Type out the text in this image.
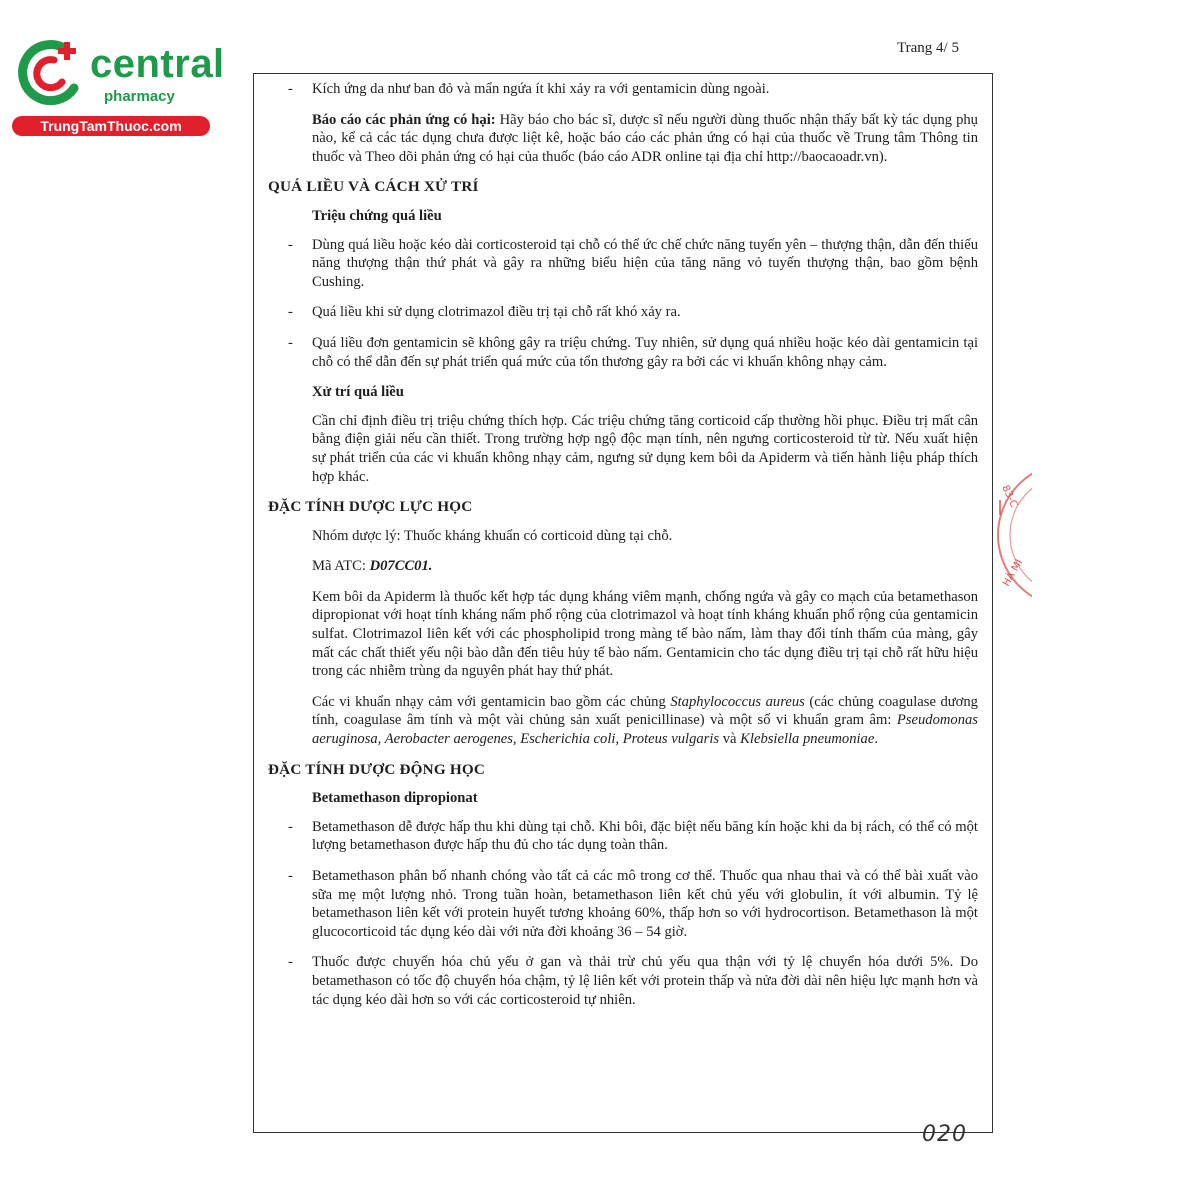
central
pharmacy
TrungTamThuoc.com
Trang 4/ 5
83-C
HÀ MI
- Kích ứng da như ban đỏ và mẩn ngứa ít khi xảy ra với gentamicin dùng ngoài.
Báo cáo các phản ứng có hại: Hãy báo cho bác sĩ, dược sĩ nếu người dùng thuốc nhận thấy bất kỳ tác dụng phụ nào, kể cả các tác dụng chưa được liệt kê, hoặc báo cáo các phản ứng có hại của thuốc về Trung tâm Thông tin thuốc và Theo dõi phản ứng có hại của thuốc (báo cáo ADR online tại địa chỉ http://baocaoadr.vn).
QUÁ LIỀU VÀ CÁCH XỬ TRÍ
Triệu chứng quá liều
- Dùng quá liều hoặc kéo dài corticosteroid tại chỗ có thể ức chế chức năng tuyến yên – thượng thận, dẫn đến thiểu năng thượng thận thứ phát và gây ra những biểu hiện của tăng năng vỏ tuyến thượng thận, bao gồm bệnh Cushing.
- Quá liều khi sử dụng clotrimazol điều trị tại chỗ rất khó xảy ra.
- Quá liều đơn gentamicin sẽ không gây ra triệu chứng. Tuy nhiên, sử dụng quá nhiều hoặc kéo dài gentamicin tại chỗ có thể dẫn đến sự phát triển quá mức của tổn thương gây ra bởi các vi khuẩn không nhạy cảm.
Xử trí quá liều
Cần chỉ định điều trị triệu chứng thích hợp. Các triệu chứng tăng corticoid cấp thường hồi phục. Điều trị mất cân bằng điện giải nếu cần thiết. Trong trường hợp ngộ độc mạn tính, nên ngưng corticosteroid từ từ. Nếu xuất hiện sự phát triển của các vi khuẩn không nhạy cảm, ngưng sử dụng kem bôi da Apiderm và tiến hành liệu pháp thích hợp khác.
ĐẶC TÍNH DƯỢC LỰC HỌC
Nhóm dược lý: Thuốc kháng khuẩn có corticoid dùng tại chỗ.
Mã ATC: D07CC01.
Kem bôi da Apiderm là thuốc kết hợp tác dụng kháng viêm mạnh, chống ngứa và gây co mạch của betamethason dipropionat với hoạt tính kháng nấm phổ rộng của clotrimazol và hoạt tính kháng khuẩn phổ rộng của gentamicin sulfat. Clotrimazol liên kết với các phospholipid trong màng tế bào nấm, làm thay đổi tính thấm của màng, gây mất các chất thiết yếu nội bào dẫn đến tiêu hủy tế bào nấm. Gentamicin cho tác dụng điều trị tại chỗ rất hữu hiệu trong các nhiễm trùng da nguyên phát hay thứ phát.
Các vi khuẩn nhạy cảm với gentamicin bao gồm các chủng Staphylococcus aureus (các chủng coagulase dương tính, coagulase âm tính và một vài chủng sản xuất penicillinase) và một số vi khuẩn gram âm: Pseudomonas aeruginosa, Aerobacter aerogenes, Escherichia coli, Proteus vulgaris và Klebsiella pneumoniae.
ĐẶC TÍNH DƯỢC ĐỘNG HỌC
Betamethason dipropionat
- Betamethason dễ được hấp thu khi dùng tại chỗ. Khi bôi, đặc biệt nếu băng kín hoặc khi da bị rách, có thể có một lượng betamethason được hấp thu đủ cho tác dụng toàn thân.
- Betamethason phân bố nhanh chóng vào tất cả các mô trong cơ thể. Thuốc qua nhau thai và có thể bài xuất vào sữa mẹ một lượng nhỏ. Trong tuần hoàn, betamethason liên kết chủ yếu với globulin, ít với albumin. Tỷ lệ betamethason liên kết với protein huyết tương khoảng 60%, thấp hơn so với hydrocortison. Betamethason là một glucocorticoid tác dụng kéo dài với nửa đời khoảng 36 – 54 giờ.
- Thuốc được chuyển hóa chủ yếu ở gan và thải trừ chủ yếu qua thận với tỷ lệ chuyển hóa dưới 5%. Do betamethason có tốc độ chuyển hóa chậm, tỷ lệ liên kết với protein thấp và nửa đời dài nên hiệu lực mạnh hơn và tác dụng kéo dài hơn so với các corticosteroid tự nhiên.
020
